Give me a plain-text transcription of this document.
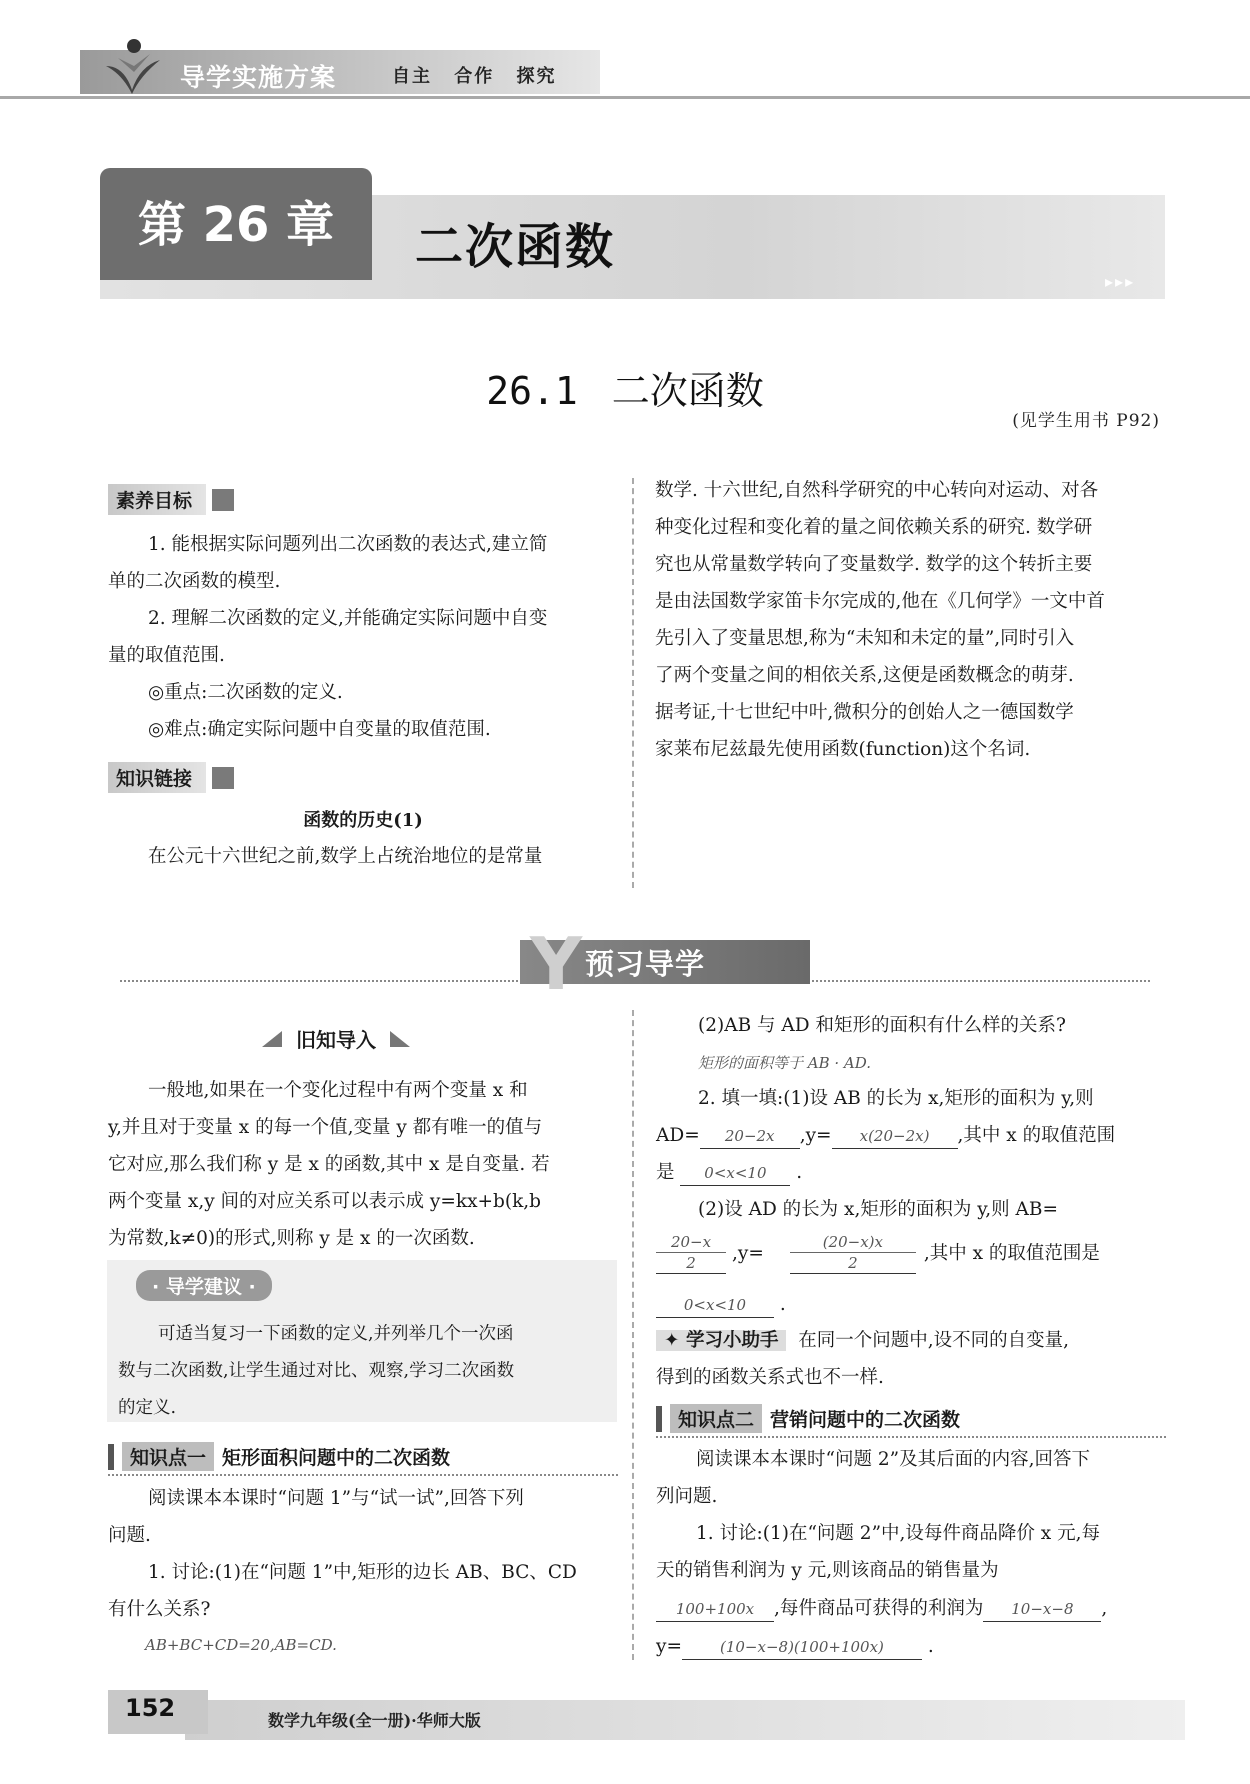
导学实施方案	自主 合作 探究
第 26 章	二次函数
▸▸▸
26.1 二次函数
(见学生用书 P92)
素养目标
1. 能根据实际问题列出二次函数的表达式,建立简
单的二次函数的模型.
2. 理解二次函数的定义,并能确定实际问题中自变
量的取值范围.
◎重点:二次函数的定义.
◎难点:确定实际问题中自变量的取值范围.
知识链接
函数的历史(1)
在公元十六世纪之前,数学上占统治地位的是常量
数学. 十六世纪,自然科学研究的中心转向对运动、对各
种变化过程和变化着的量之间依赖关系的研究. 数学研
究也从常量数学转向了变量数学. 数学的这个转折主要
是由法国数学家笛卡尔完成的,他在《几何学》一文中首
先引入了变量思想,称为“未知和未定的量”,同时引入
了两个变量之间的相依关系,这便是函数概念的萌芽.
据考证,十七世纪中叶,微积分的创始人之一德国数学
家莱布尼兹最先使用函数(function)这个名词.
Y 预习导学
旧知导入
一般地,如果在一个变化过程中有两个变量 x 和
y,并且对于变量 x 的每一个值,变量 y 都有唯一的值与
它对应,那么我们称 y 是 x 的函数,其中 x 是自变量. 若
两个变量 x,y 间的对应关系可以表示成 y=kx+b(k,b
为常数,k≠0)的形式,则称 y 是 x 的一次函数.
· 导学建议 ·
可适当复习一下函数的定义,并列举几个一次函
数与二次函数,让学生通过对比、观察,学习二次函数
的定义.
知识点一 矩形面积问题中的二次函数
阅读课本本课时“问题 1”与“试一试”,回答下列
问题.
1. 讨论:(1)在“问题 1”中,矩形的边长 AB、BC、CD
有什么关系?
AB+BC+CD=20,AB=CD.
(2)AB 与 AD 和矩形的面积有什么样的关系?
矩形的面积等于 AB · AD.
2. 填一填:(1)设 AB 的长为 x,矩形的面积为 y,则
AD= 20−2x ,y= x(20−2x) ,其中 x 的取值范围
是 0<x<10 .
(2)设 AD 的长为 x,矩形的面积为 y,则 AB=
$\frac{20-x}{2} ,y= \frac{(20-x)x}{2}$ ,其中 x 的取值范围是
0<x<10 .
✦ 学习小助手 在同一个问题中,设不同的自变量,
得到的函数关系式也不一样.
知识点二 营销问题中的二次函数
阅读课本本课时“问题 2”及其后面的内容,回答下
列问题.
1. 讨论:(1)在“问题 2”中,设每件商品降价 x 元,每
天的销售利润为 y 元,则该商品的销售量为
100+100x ,每件商品可获得的利润为 10−x−8 ,
y=	(10−x−8)(100+100x) .
152	数学九年级(全一册)·华师大版
